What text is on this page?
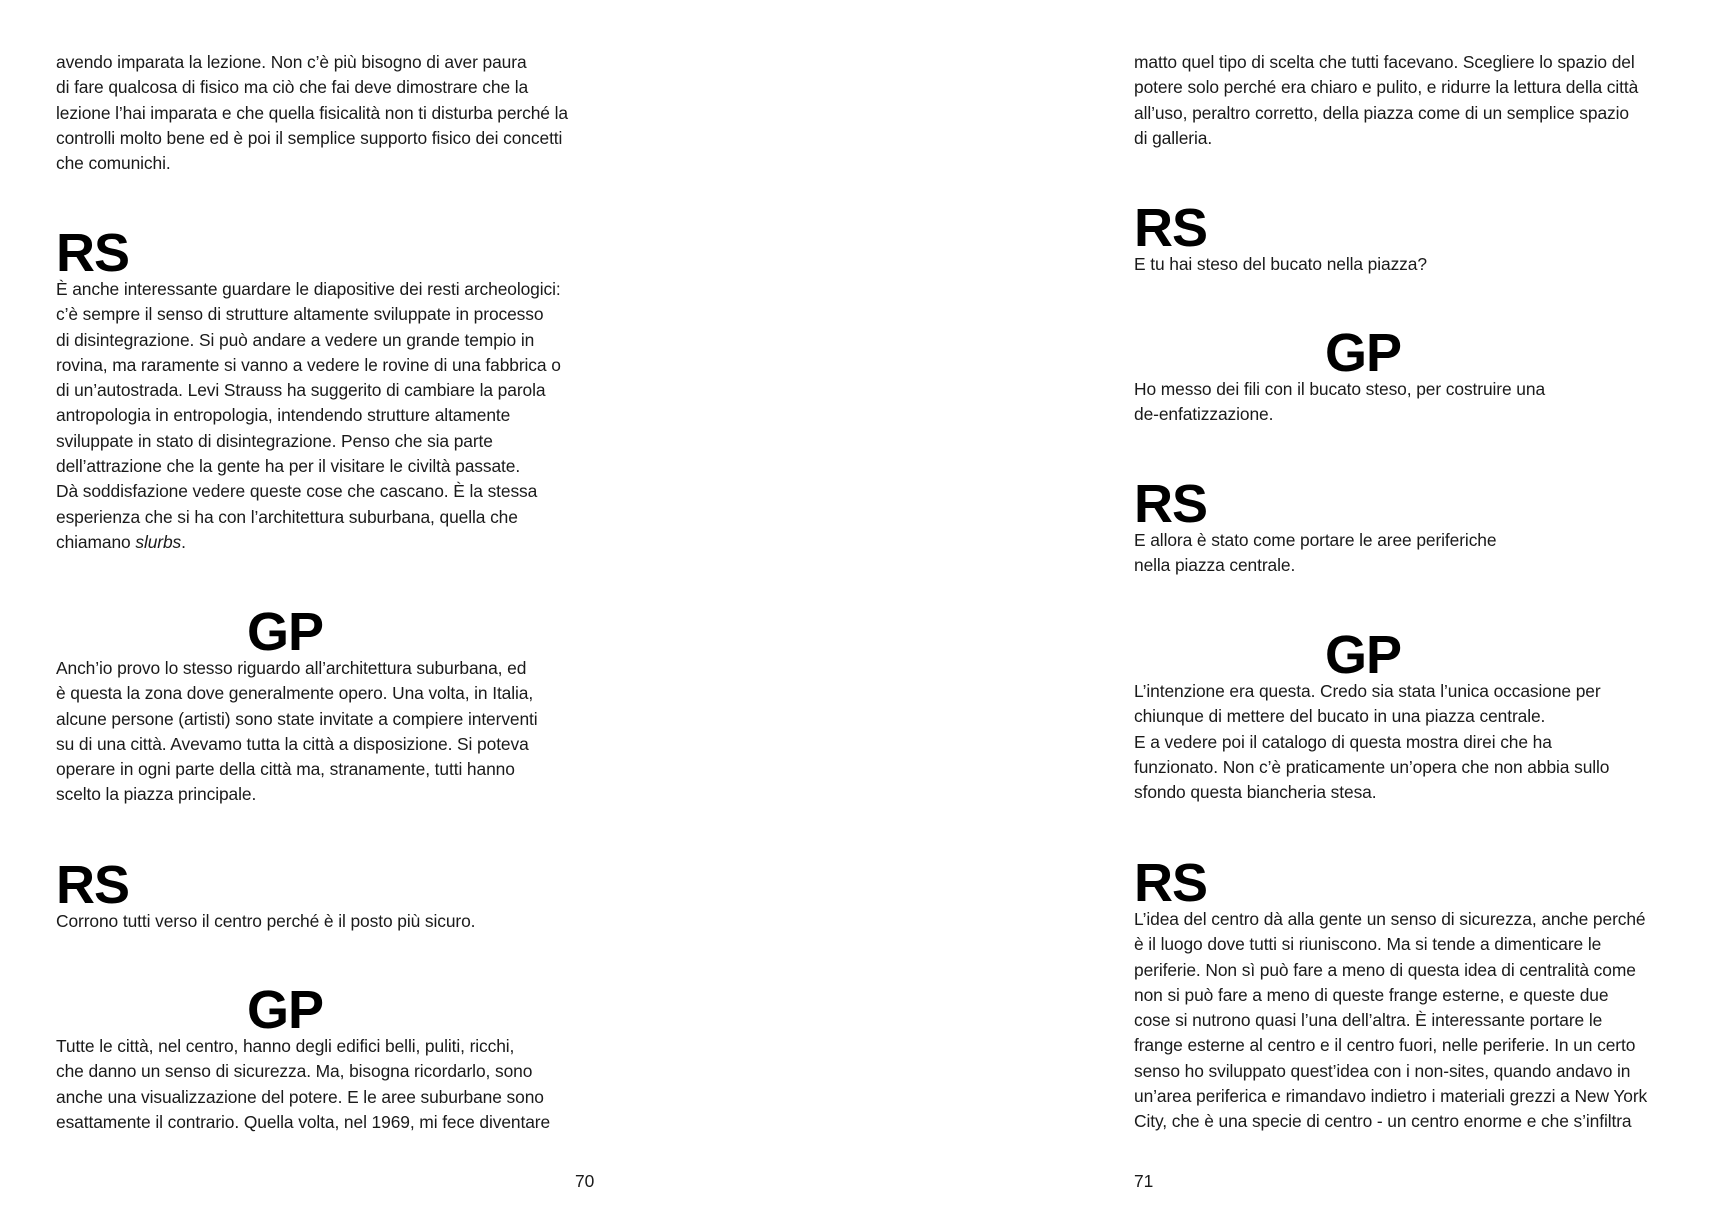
avendo imparata la lezione. Non c’è più bisogno di aver paura
di fare qualcosa di fisico ma ciò che fai deve dimostrare che la
lezione l’hai imparata e che quella fisicalità non ti disturba perché la
controlli molto bene ed è poi il semplice supporto fisico dei concetti
che comunichi.

RS

È anche interessante guardare le diapositive dei resti archeologici:
c’è sempre il senso di strutture altamente sviluppate in processo
di disintegrazione. Si può andare a vedere un grande tempio in
rovina, ma raramente si vanno a vedere le rovine di una fabbrica o
di un’autostrada. Levi Strauss ha suggerito di cambiare la parola
antropologia in entropologia, intendendo strutture altamente
sviluppate in stato di disintegrazione. Penso che sia parte
dell’attrazione che la gente ha per il visitare le civiltà passate.
Dà soddisfazione vedere queste cose che cascano. È la stessa
esperienza che si ha con l’architettura suburbana, quella che
chiamano slurbs.

GP

Anch’io provo lo stesso riguardo all’architettura suburbana, ed
è questa la zona dove generalmente opero. Una volta, in Italia,
alcune persone (artisti) sono state invitate a compiere interventi
su di una città. Avevamo tutta la città a disposizione. Si poteva
operare in ogni parte della città ma, stranamente, tutti hanno
scelto la piazza principale.

RS

Corrono tutti verso il centro perché è il posto più sicuro.

GP

Tutte le città, nel centro, hanno degli edifici belli, puliti, ricchi,
che danno un senso di sicurezza. Ma, bisogna ricordarlo, sono
anche una visualizzazione del potere. E le aree suburbane sono
esattamente il contrario. Quella volta, nel 1969, mi fece diventare

70

matto quel tipo di scelta che tutti facevano. Scegliere lo spazio del
potere solo perché era chiaro e pulito, e ridurre la lettura della città
all’uso, peraltro corretto, della piazza come di un semplice spazio
di galleria.

RS

E tu hai steso del bucato nella piazza?

GP

Ho messo dei fili con il bucato steso, per costruire una
de-enfatizzazione.

RS

E allora è stato come portare le aree periferiche
nella piazza centrale.

GP

L’intenzione era questa. Credo sia stata l’unica occasione per
chiunque di mettere del bucato in una piazza centrale.
E a vedere poi il catalogo di questa mostra direi che ha
funzionato. Non c’è praticamente un’opera che non abbia sullo
sfondo questa biancheria stesa.

RS

L’idea del centro dà alla gente un senso di sicurezza, anche perché
è il luogo dove tutti si riuniscono. Ma si tende a dimenticare le
periferie. Non sì può fare a meno di questa idea di centralità come
non si può fare a meno di queste frange esterne, e queste due
cose si nutrono quasi l’una dell’altra. È interessante portare le
frange esterne al centro e il centro fuori, nelle periferie. In un certo
senso ho sviluppato quest’idea con i non-sites, quando andavo in
un’area periferica e rimandavo indietro i materiali grezzi a New York
City, che è una specie di centro - un centro enorme e che s’infiltra

71
